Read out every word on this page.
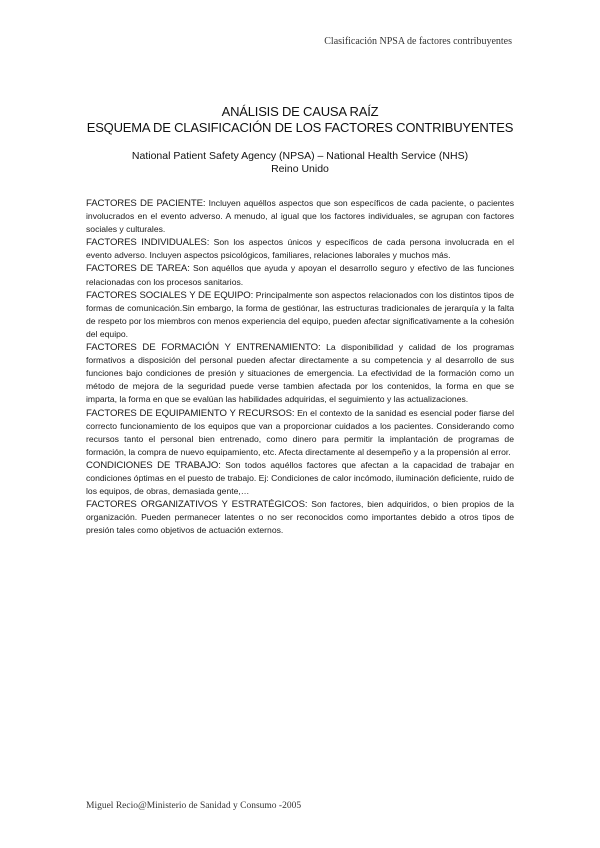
Clasificación NPSA de factores contribuyentes
ANÁLISIS DE CAUSA RAÍZ
ESQUEMA DE CLASIFICACIÓN DE LOS FACTORES CONTRIBUYENTES
National Patient Safety Agency (NPSA) – National Health Service (NHS)
Reino Unido

FACTORES DE PACIENTE: Incluyen aquéllos aspectos que son específicos de cada paciente, o pacientes involucrados en el evento adverso. A menudo, al igual que los factores individuales, se agrupan con factores sociales y culturales.

FACTORES INDIVIDUALES: Son los aspectos únicos y específicos de cada persona involucrada en el evento adverso. Incluyen aspectos psicológicos, familiares, relaciones laborales y muchos más.

FACTORES DE TAREA: Son aquéllos que ayuda y apoyan el desarrollo seguro y efectivo de las funciones relacionadas con los procesos sanitarios.

FACTORES SOCIALES Y DE EQUIPO: Principalmente son aspectos relacionados con los distintos tipos de formas de comunicación.Sin embargo, la forma de gestiónar, las estructuras tradicionales de jerarquía y la falta de respeto por los miembros con menos experiencia del equipo, pueden afectar significativamente a la cohesión del equipo.

FACTORES DE FORMACIÓN Y ENTRENAMIENTO: La disponibilidad y calidad de los programas formativos a disposición del personal pueden afectar directamente a su competencia y al desarrollo de sus funciones bajo condiciones de presión y situaciones de emergencia. La efectividad de la formación como un método de mejora de la seguridad puede verse tambien afectada por los contenidos, la forma en que se imparta, la forma en que se evalúan las habilidades adquiridas, el seguimiento y las actualizaciones.

FACTORES DE EQUIPAMIENTO Y RECURSOS: En el contexto de la sanidad es esencial poder fiarse del correcto funcionamiento de los equipos que van a proporcionar cuidados a los pacientes. Considerando como recursos tanto el personal bien entrenado, como dinero para permitir la implantación de programas de formación, la compra de nuevo equipamiento, etc. Afecta directamente al desempeño y a la propensión al error.

CONDICIONES DE TRABAJO: Son todos aquéllos factores que afectan a la capacidad de trabajar en condiciones óptimas en el puesto de trabajo. Ej: Condiciones de calor incómodo, iluminación deficiente, ruido de los equipos, de obras, demasiada gente,…

FACTORES ORGANIZATIVOS Y ESTRATÉGICOS: Son factores, bien adquiridos, o bien propios de la organización. Pueden permanecer latentes o no ser reconocidos como importantes debido a otros tipos de presión tales como objetivos de actuación externos.

Miguel Recio@Ministerio de Sanidad y Consumo -2005
